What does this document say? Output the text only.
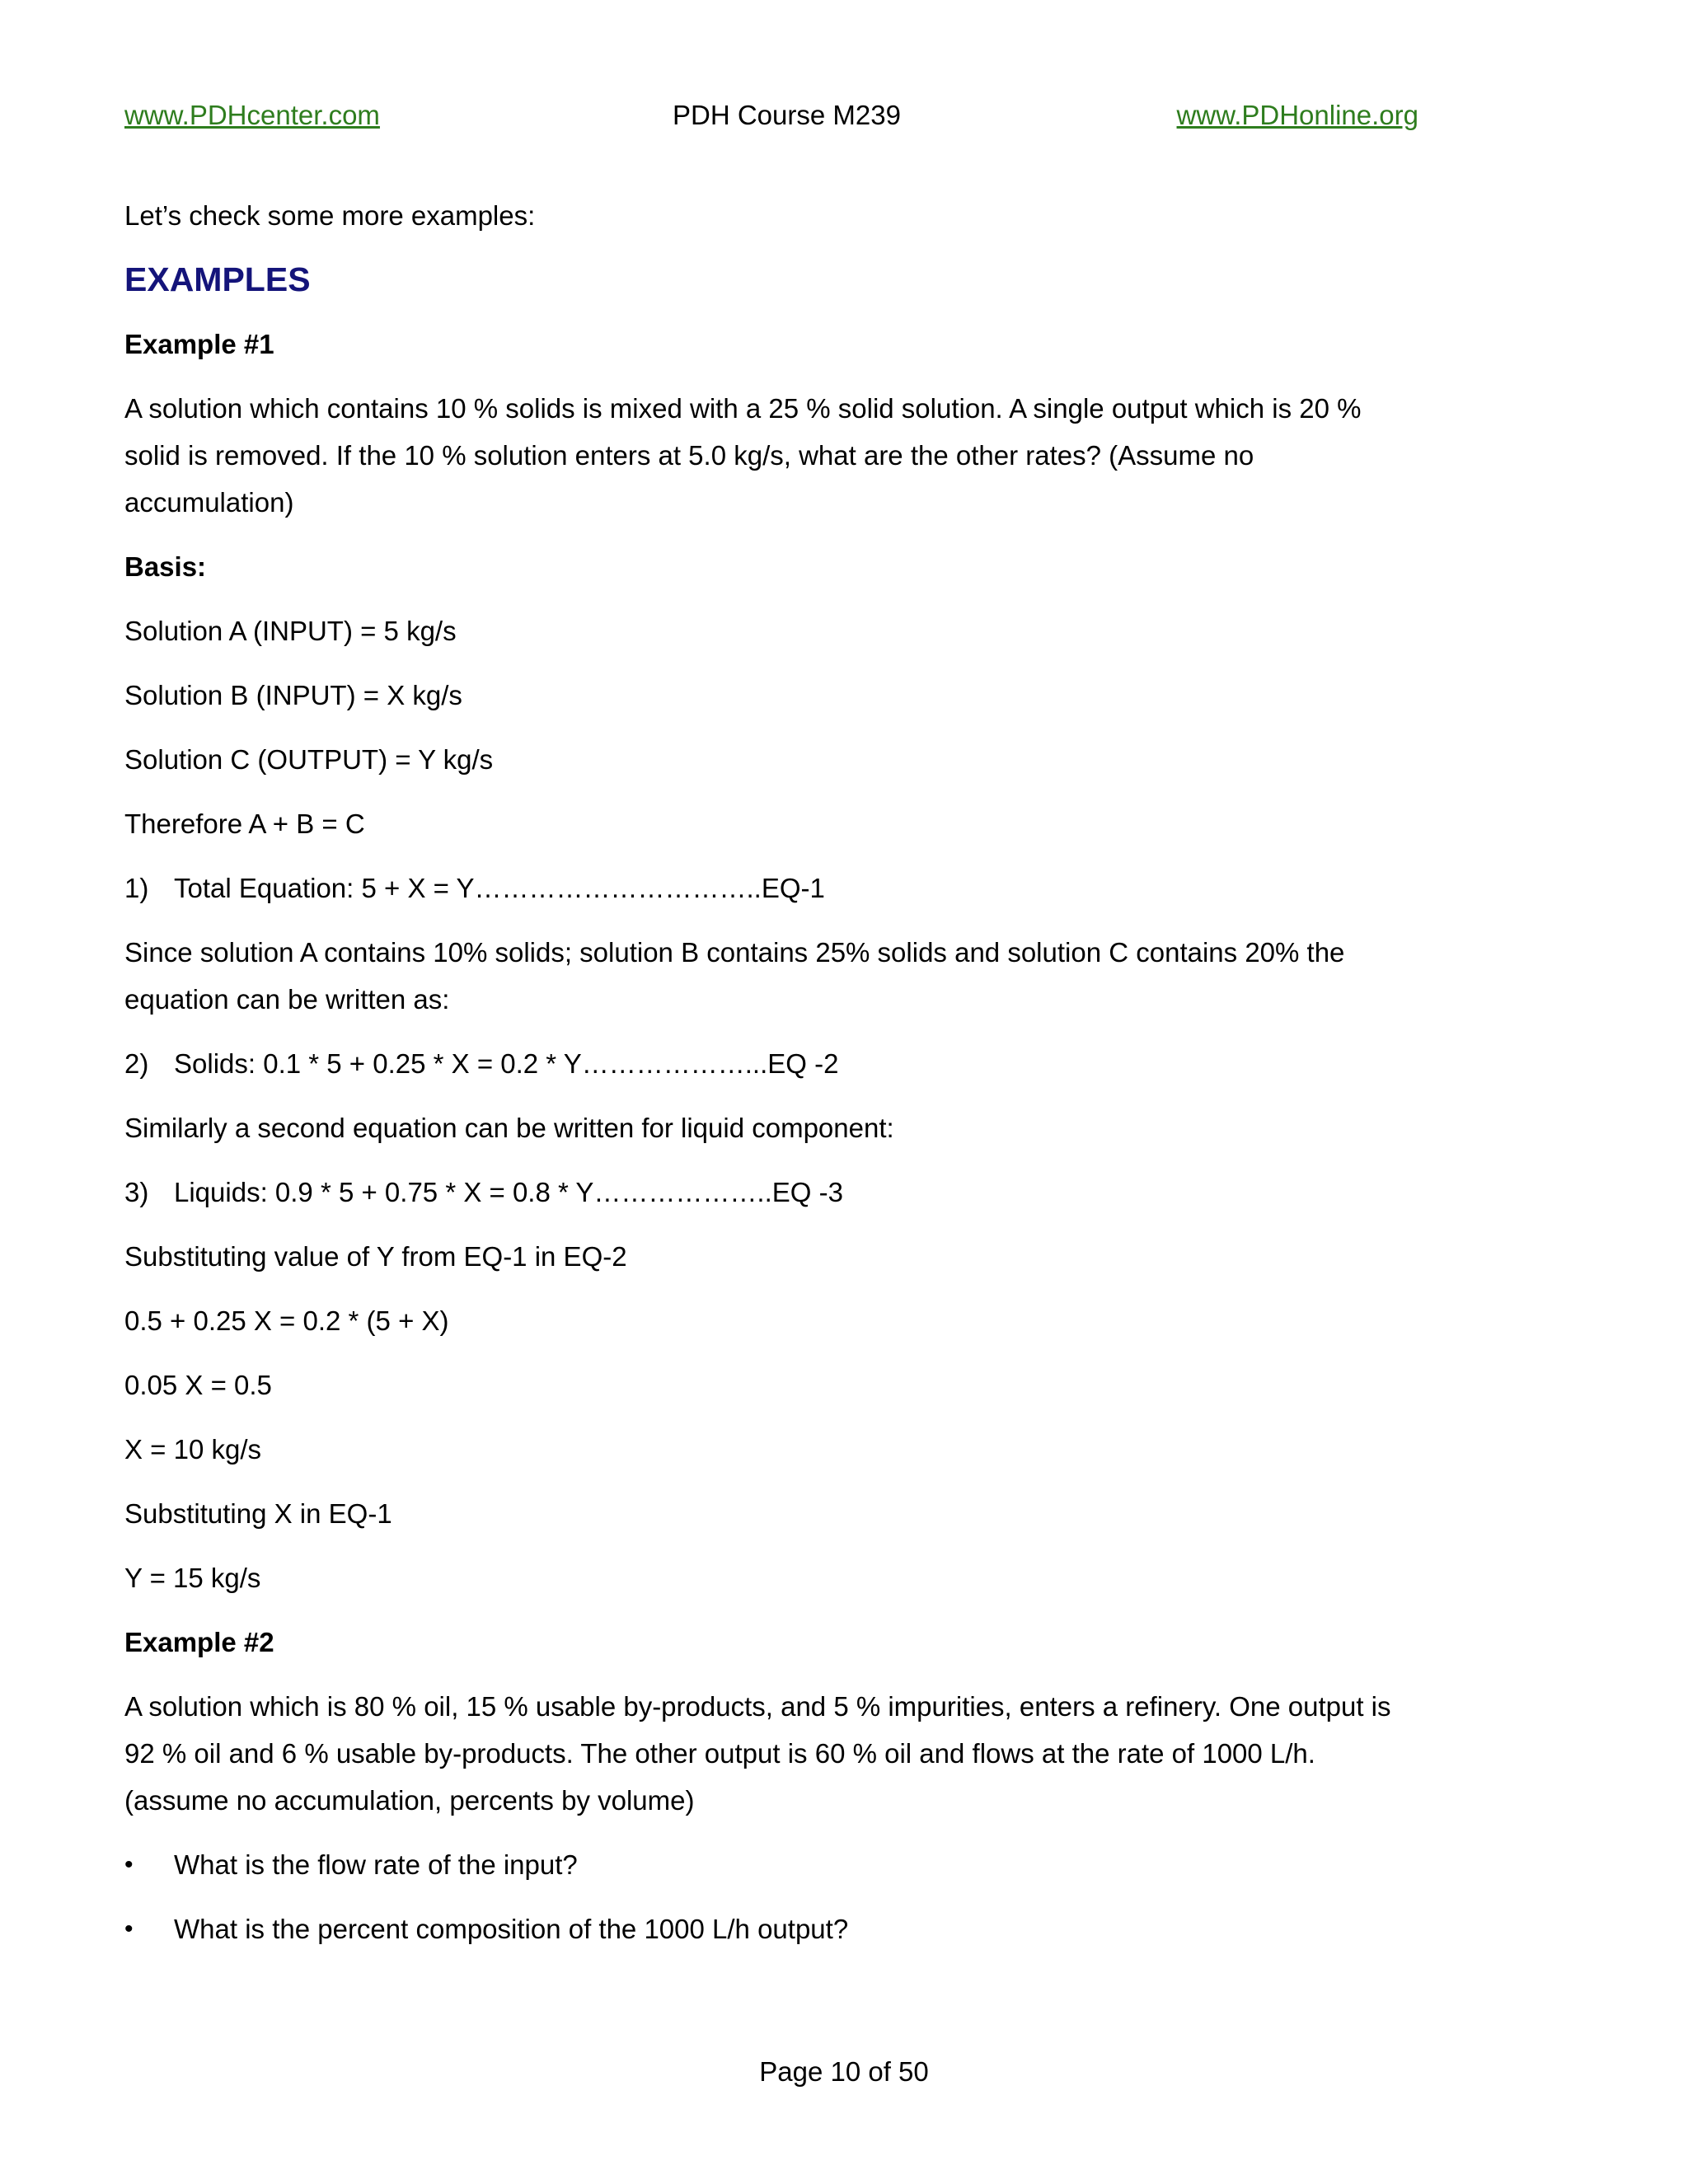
www.PDHcenter.com	PDH Course M239	www.PDHonline.org

Let’s check some more examples:

EXAMPLES

Example #1

A solution which contains 10 % solids is mixed with a 25 % solid solution. A single output which is 20 % solid is removed. If the 10 % solution enters at 5.0 kg/s, what are the other rates? (Assume no accumulation)

Basis:

Solution A (INPUT) = 5 kg/s

Solution B (INPUT) = X kg/s

Solution C (OUTPUT) = Y kg/s

Therefore A + B = C

1) Total Equation: 5 + X = Y…………………………..EQ-1

Since solution A contains 10% solids; solution B contains 25% solids and solution C contains 20% the equation can be written as:

2) Solids: 0.1 * 5 + 0.25 * X = 0.2 * Y………………...EQ -2

Similarly a second equation can be written for liquid component:

3) Liquids: 0.9 * 5 + 0.75 * X = 0.8 * Y………………..EQ -3

Substituting value of Y from EQ-1 in EQ-2

0.5 + 0.25 X = 0.2 * (5 + X)

0.05 X = 0.5

X = 10 kg/s

Substituting X in EQ-1

Y = 15 kg/s

Example #2

A solution which is 80 % oil, 15 % usable by-products, and 5 % impurities, enters a refinery. One output is 92 % oil and 6 % usable by-products. The other output is 60 % oil and flows at the rate of 1000 L/h. (assume no accumulation, percents by volume)

•	What is the flow rate of the input?
•	What is the percent composition of the 1000 L/h output?
Page 10 of 50
